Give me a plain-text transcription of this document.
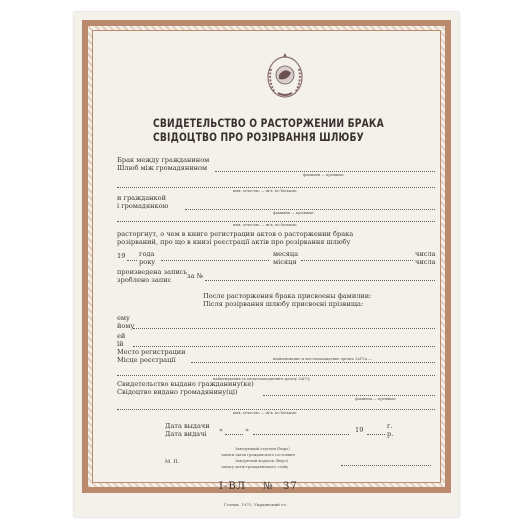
СВИДЕТЕЛЬСТВО О РАСТОРЖЕНИИ БРАКА
СВІДОЦТВО ПРО РОЗІРВАННЯ ШЛЮБУ
Брак между гражданином
Шлюб між громадянином
фамилия — прізвище
имя, отчество — ім'я, по батькові
и гражданкой
і громадянкою
фамилия — прізвище
имя, отчество — ім'я, по батькові
расторгнут, о чем в книге регистрации актов о расторжении брака
розірваний, про що в книзі реєстрації актів про розірвання шлюбу
19 года
року
месяца
місяця
числа
числа
произведена запись
зроблено запис за №
После расторжения брака присвоены фамилии:
Після розірвання шлюбу присвоєні прізвища:
ему
йому
ей
їй
Место регистрации
Місце реєстрації	наименование и местонахождение органа ЗАГСа —
найменування та місцезнаходження органу ЗАГСу
Свидетельство выдано гражданину(ке)
Свідоцтво видано громадянину(ці)
фамилия — прізвище
имя, отчество — ім'я, по батькові
Дата выдачи
Дата видачі «	»	19	г.
р.
Заведующий отделом (бюро)
записи актов гражданского состояния
Завідуючий відділом (бюро)
запису актів громадянського стану
М. П.
I-ВЛ № 37
Гознак. 1975. Украинский гл.
